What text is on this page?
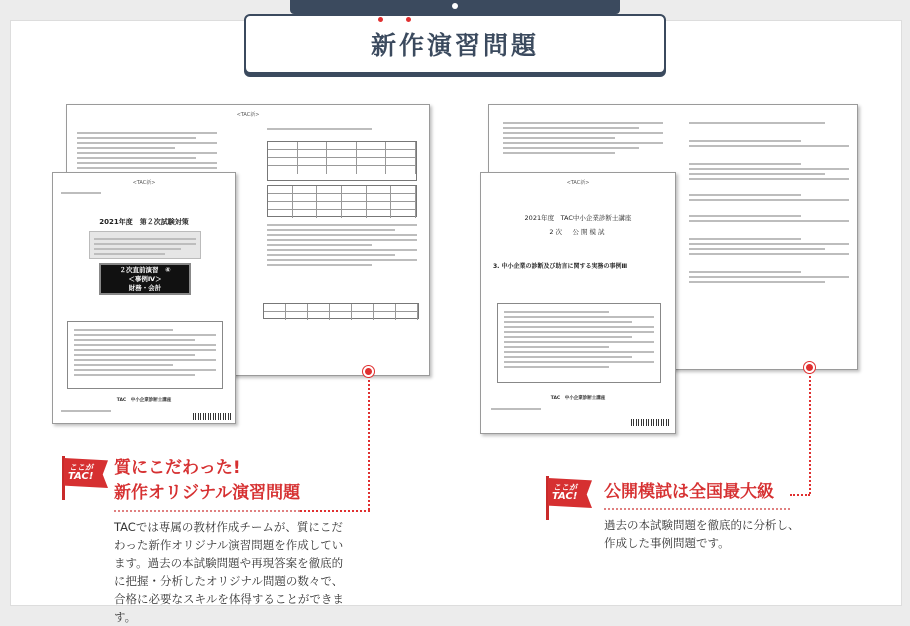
新作演習問題
<TAC新>
<TAC新>
2021年度　第２次試験対策
２次直前演習　④
＜事例Ⅳ＞
財務・会計
TAC　中小企業診断士講座
<TAC新>
2021年度　TAC中小企業診断士講座
2次　公開模試
3. 中小企業の診断及び助言に関する実務の事例Ⅲ
TAC　中小企業診断士講座
ここが
TAC! 質にこだわった!
新作オリジナル演習問題
TACでは専属の教材作成チームが、質にこだわった新作オリジナル演習問題を作成しています。過去の本試験問題や再現答案を徹底的に把握・分析したオリジナル問題の数々で、合格に必要なスキルを体得することができます。
ここが
TAC! 公開模試は全国最大級
過去の本試験問題を徹底的に分析し、作成した事例問題です。
